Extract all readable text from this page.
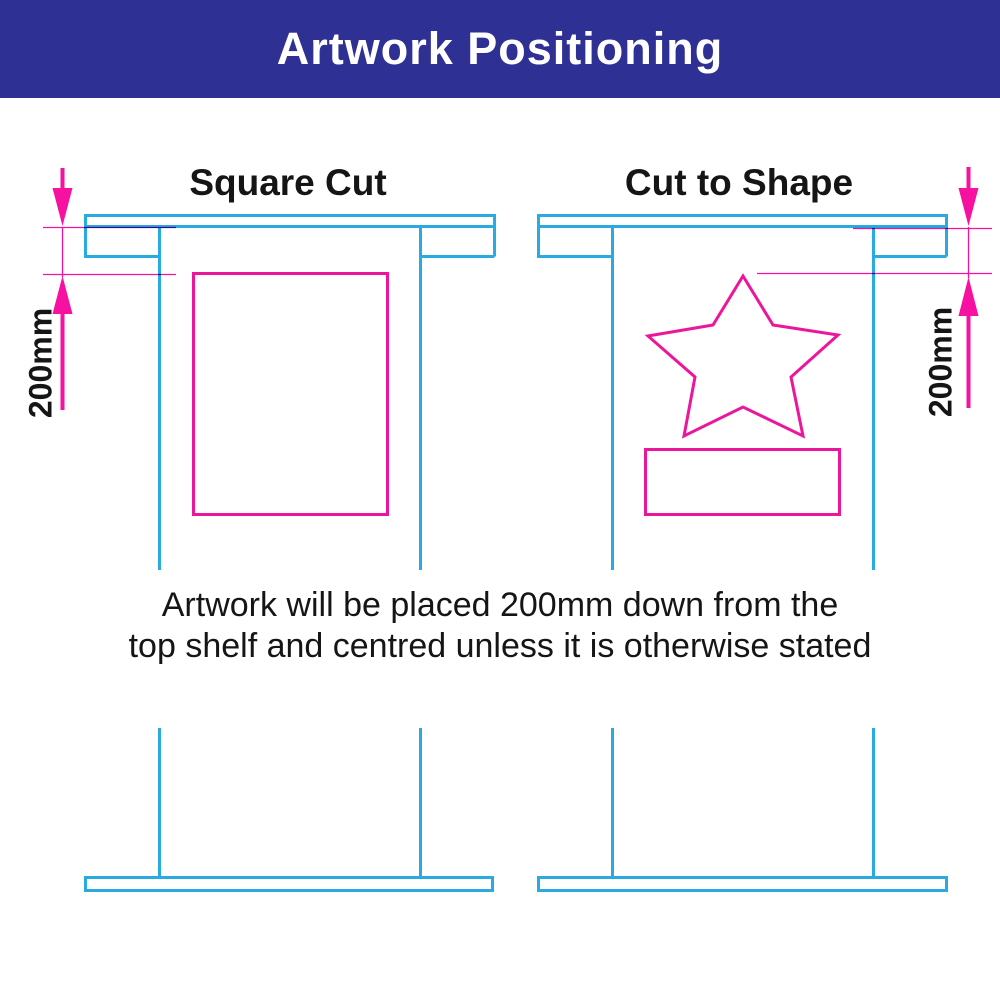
Artwork Positioning
Square Cut	Cut to Shape
200mm	200mm
Artwork will be placed 200mm down from the
top shelf and centred unless it is otherwise stated
